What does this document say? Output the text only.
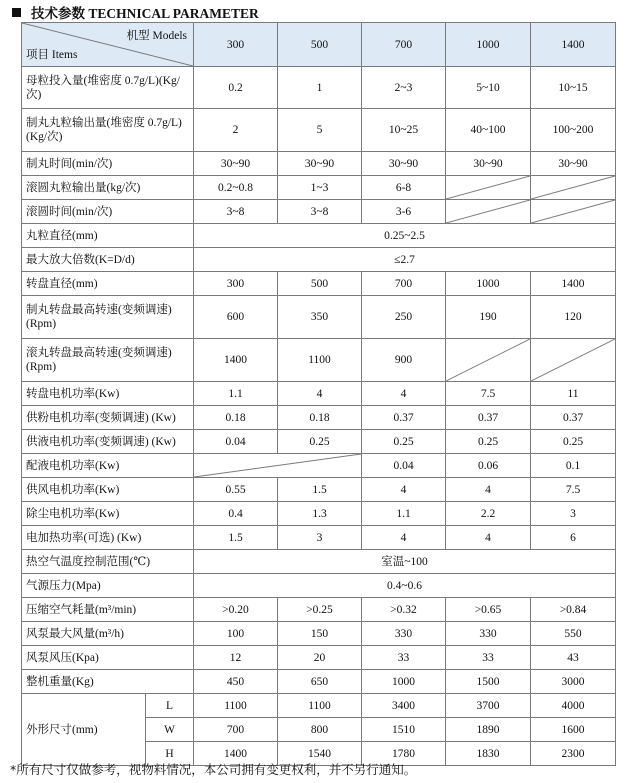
技术参数 TECHNICAL PARAMETER
机型 Models
项目 Items		300	500	700	1000	1400
母粒投入量(堆密度 0.7g/L)(Kg/次)		0.2	1	2~3	5~10	10~15
制丸丸粒输出量(堆密度 0.7g/L) (Kg/次)		2	5	10~25	40~100	100~200
制丸时间(min/次)		30~90	30~90	30~90	30~90	30~90
滚圆丸粒输出量(kg/次)		0.2~0.8	1~3	6-8	

滚圆时间(min/次)		3~8	3~8	3-6	

丸粒直径(mm)		0.25~2.5				
最大放大倍数(K=D/d)		≤2.7				
转盘直径(mm)		300	500	700	1000	1400
制丸转盘最高转速(变频调速)(Rpm)		600	350	250	190	120
滚丸转盘最高转速(变频调速)(Rpm)		1400	1100	900	

转盘电机功率(Kw)		1.1	4	4	7.5	11
供粉电机功率(变频调速) (Kw)		0.18	0.18	0.37	0.37	0.37
供液电机功率(变频调速) (Kw)		0.04	0.25	0.25	0.25	0.25
配液电机功率(Kw)				0.04	0.06	0.1
供风电机功率(Kw)		0.55	1.5	4	4	7.5
除尘电机功率(Kw)		0.4	1.3	1.1	2.2	3
电加热功率(可选) (Kw)		1.5	3	4	4	6
热空气温度控制范围(℃)		室温~100				
气源压力(Mpa)		0.4~0.6				
压缩空气耗量(m³/min)		>0.20	>0.25	>0.32	>0.65	>0.84
风泵最大风量(m³/h)		100	150	330	330	550
风泵风压(Kpa)		12	20	33	33	43
整机重量(Kg)		450	650	1000	1500	3000
外形尺寸(mm)	L	1100	1100	3400	3700	4000
	W	700	800	1510	1890	1600
	H	1400	1540	1780	1830	2300
*所有尺寸仅做参考，视物料情况，本公司拥有变更权利，并不另行通知。
